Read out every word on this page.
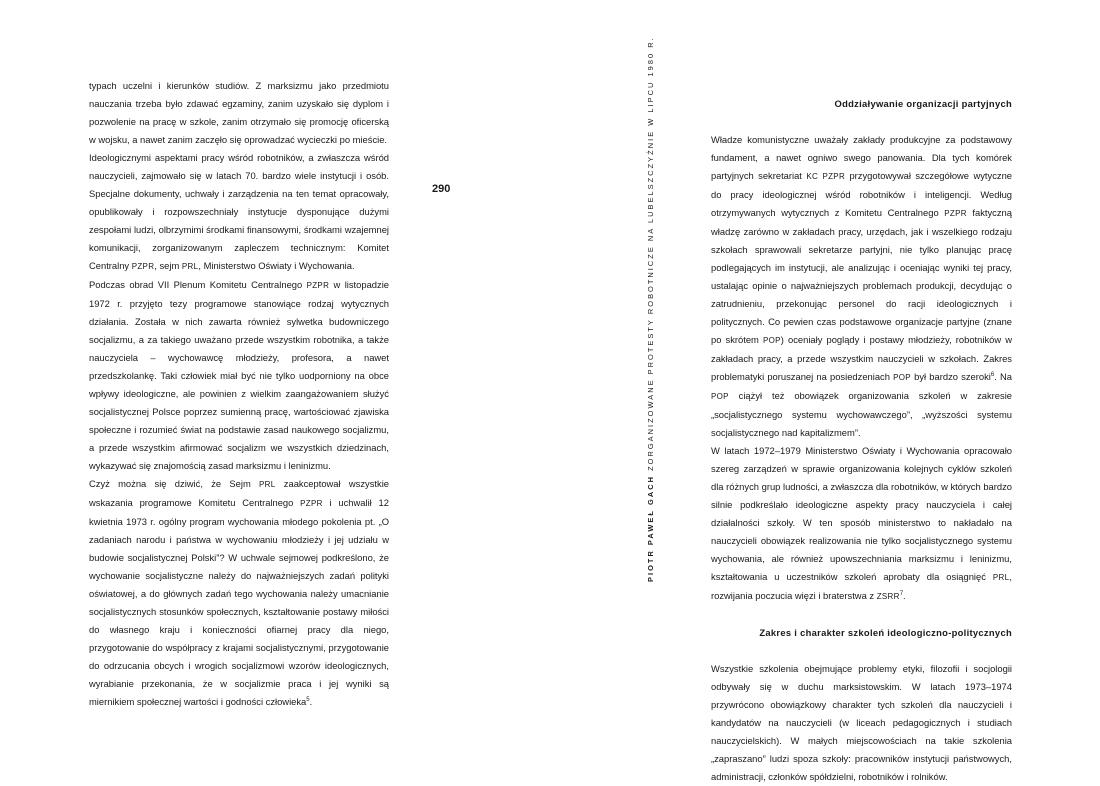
290
PIOTR PAWEŁ GACH ZORGANIZOWANE PROTESTY ROBOTNICZE NA LUBELSZCZYŹNIE W LIPCU 1980 R.

typach uczelni i kierunków studiów. Z marksizmu jako przedmiotu nauczania trzeba było zdawać egzaminy, zanim uzyskało się dyplom i pozwolenie na pracę w szkole, zanim otrzymało się promocję oficerską w wojsku, a nawet zanim zaczęło się oprowadzać wycieczki po mieście.

Ideologicznymi aspektami pracy wśród robotników, a zwłaszcza wśród nauczycieli, zajmowało się w latach 70. bardzo wiele instytucji i osób. Specjalne dokumenty, uchwały i zarządzenia na ten temat opracowały, opublikowały i rozpowszechniały instytucje dysponujące dużymi zespołami ludzi, olbrzymimi środkami finansowymi, środkami wzajemnej komunikacji, zorganizowanym zapleczem technicznym: Komitet Centralny PZPR, sejm PRL, Ministerstwo Oświaty i Wychowania.

Podczas obrad VII Plenum Komitetu Centralnego PZPR w listopadzie 1972 r. przyjęto tezy programowe stanowiące rodzaj wytycznych działania. Została w nich zawarta również sylwetka budowniczego socjalizmu, a za takiego uważano przede wszystkim robotnika, a także nauczyciela – wychowawcę młodzieży, profesora, a nawet przedszkolankę. Taki człowiek miał być nie tylko uodporniony na obce wpływy ideologiczne, ale powinien z wielkim zaangażowaniem służyć socjalistycznej Polsce poprzez sumienną pracę, wartościować zjawiska społeczne i rozumieć świat na podstawie zasad naukowego socjalizmu, a przede wszystkim afirmować socjalizm we wszystkich dziedzinach, wykazywać się znajomością zasad marksizmu i leninizmu.

Czyż można się dziwić, że Sejm PRL zaakceptował wszystkie wskazania programowe Komitetu Centralnego PZPR i uchwalił 12 kwietnia 1973 r. ogólny program wychowania młodego pokolenia pt. „O zadaniach narodu i państwa w wychowaniu młodzieży i jej udziału w budowie socjalistycznej Polski”? W uchwale sejmowej podkreślono, że wychowanie socjalistyczne należy do najważniejszych zadań polityki oświatowej, a do głównych zadań tego wychowania należy umacnianie socjalistycznych stosunków społecznych, kształtowanie postawy miłości do własnego kraju i konieczności ofiarnej pracy dla niego, przygotowanie do współpracy z krajami socjalistycznymi, przygotowanie do odrzucania obcych i wrogich socjalizmowi wzorów ideologicznych, wyrabianie przekonania, że w socjalizmie praca i jej wyniki są miernikiem społecznej wartości i godności człowieka$^5$.

Oddziaływanie organizacji partyjnych

Władze komunistyczne uważały zakłady produkcyjne za podstawowy fundament, a nawet ogniwo swego panowania. Dla tych komórek partyjnych sekretariat KC PZPR przygotowywał szczegółowe wytyczne do pracy ideologicznej wśród robotników i inteligencji. Według otrzymywanych wytycznych z Komitetu Centralnego PZPR faktyczną władzę zarówno w zakładach pracy, urzędach, jak i wszelkiego rodzaju szkołach sprawowali sekretarze partyjni, nie tylko planując pracę podlegających im instytucji, ale analizując i oceniając wyniki tej pracy, ustalając opinie o najważniejszych problemach produkcji, decydując o zatrudnieniu, przekonując personel do racji ideologicznych i politycznych. Co pewien czas podstawowe organizacje partyjne (znane po skrótem POP) oceniały poglądy i postawy młodzieży, robotników w zakładach pracy, a przede wszystkim nauczycieli w szkołach. Zakres problematyki poruszanej na posiedzeniach POP był bardzo szeroki$^6$. Na POP ciążył też obowiązek organizowania szkoleń w zakresie „socjalistycznego systemu wychowawczego”, „wyższości systemu socjalistycznego nad kapitalizmem”.

W latach 1972–1979 Ministerstwo Oświaty i Wychowania opracowało szereg zarządzeń w sprawie organizowania kolejnych cyklów szkoleń dla różnych grup ludności, a zwłaszcza dla robotników, w których bardzo silnie podkreślało ideologiczne aspekty pracy nauczyciela i całej działalności szkoły. W ten sposób ministerstwo to nakładało na nauczycieli obowiązek realizowania nie tylko socjalistycznego systemu wychowania, ale również upowszechniania marksizmu i leninizmu, kształtowania u uczestników szkoleń aprobaty dla osiągnięć PRL, rozwijania poczucia więzi i braterstwa z ZSRR$^7$.

Zakres i charakter szkoleń ideologiczno-politycznych

Wszystkie szkolenia obejmujące problemy etyki, filozofii i socjologii odbywały się w duchu marksistowskim. W latach 1973–1974 przywrócono obowiązkowy charakter tych szkoleń dla nauczycieli i kandydatów na nauczycieli (w liceach pedagogicznych i studiach nauczycielskich). W małych miejscowościach na takie szkolenia „zapraszano” ludzi spoza szkoły: pracowników instytucji państwowych, administracji, członków spółdzielni, robotników i rolników.
